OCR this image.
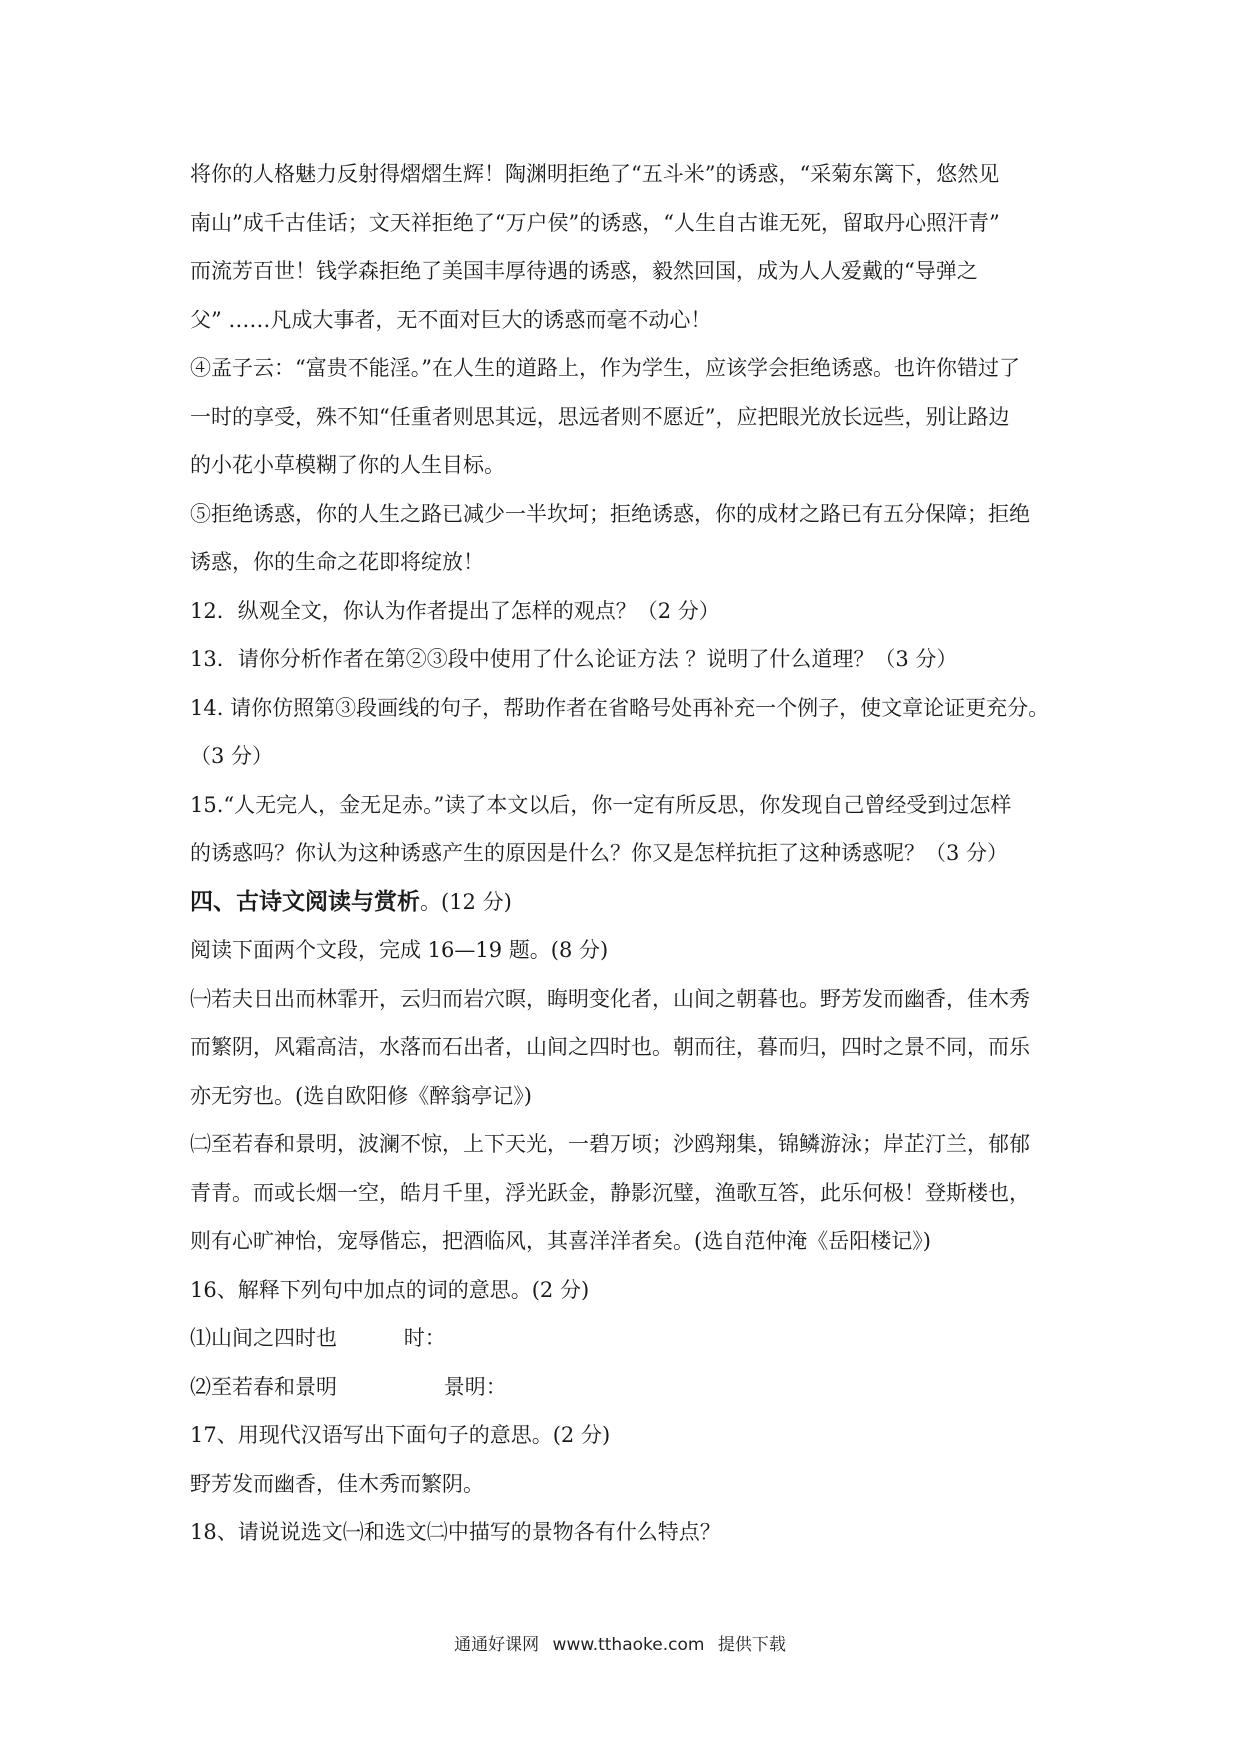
将你的人格魅力反射得熠熠生辉！陶渊明拒绝了“五斗米”的诱惑，“采菊东篱下，悠然见

南山”成千古佳话；文天祥拒绝了“万户侯”的诱惑，“人生自古谁无死，留取丹心照汗青”

而流芳百世！钱学森拒绝了美国丰厚待遇的诱惑，毅然回国，成为人人爱戴的“导弹之

父” ……凡成大事者，无不面对巨大的诱惑而毫不动心！

④孟子云：“富贵不能淫。”在人生的道路上，作为学生，应该学会拒绝诱惑。也许你错过了

一时的享受，殊不知“任重者则思其远，思远者则不愿近”，应把眼光放长远些，别让路边

的小花小草模糊了你的人生目标。

⑤拒绝诱惑，你的人生之路已减少一半坎坷；拒绝诱惑，你的成材之路已有五分保障；拒绝

诱惑，你的生命之花即将绽放！

12．纵观全文，你认为作者提出了怎样的观点？（2 分）

13．请你分析作者在第②③段中使用了什么论证方法 ？说明了什么道理？（3 分）

14. 请你仿照第③段画线的句子，帮助作者在省略号处再补充一个例子，使文章论证更充分。

（3 分）

15.“人无完人，金无足赤。”读了本文以后，你一定有所反思，你发现自己曾经受到过怎样

的诱惑吗？你认为这种诱惑产生的原因是什么？你又是怎样抗拒了这种诱惑呢？（3 分）

四、古诗文阅读与赏析。(12 分)

阅读下面两个文段，完成 16—19 题。(8 分)

㈠若夫日出而林霏开，云归而岩穴暝，晦明变化者，山间之朝暮也。野芳发而幽香，佳木秀

而繁阴，风霜高洁，水落而石出者，山间之四时也。朝而往，暮而归，四时之景不同，而乐

亦无穷也。(选自欧阳修《醉翁亭记》)

㈡至若春和景明，波澜不惊，上下天光，一碧万顷；沙鸥翔集，锦鳞游泳；岸芷汀兰，郁郁

青青。而或长烟一空，皓月千里，浮光跃金，静影沉璧，渔歌互答，此乐何极！登斯楼也，

则有心旷神怡，宠辱偕忘，把酒临风，其喜洋洋者矣。(选自范仲淹《岳阳楼记》)

16、解释下列句中加点的词的意思。(2 分)

⑴山间之四时也          时：

⑵至若春和景明                景明：

17、用现代汉语写出下面句子的意思。(2 分)

野芳发而幽香，佳木秀而繁阴。

18、请说说选文㈠和选文㈡中描写的景物各有什么特点？

通通好课网 www.tthaoke.com 提供下载
